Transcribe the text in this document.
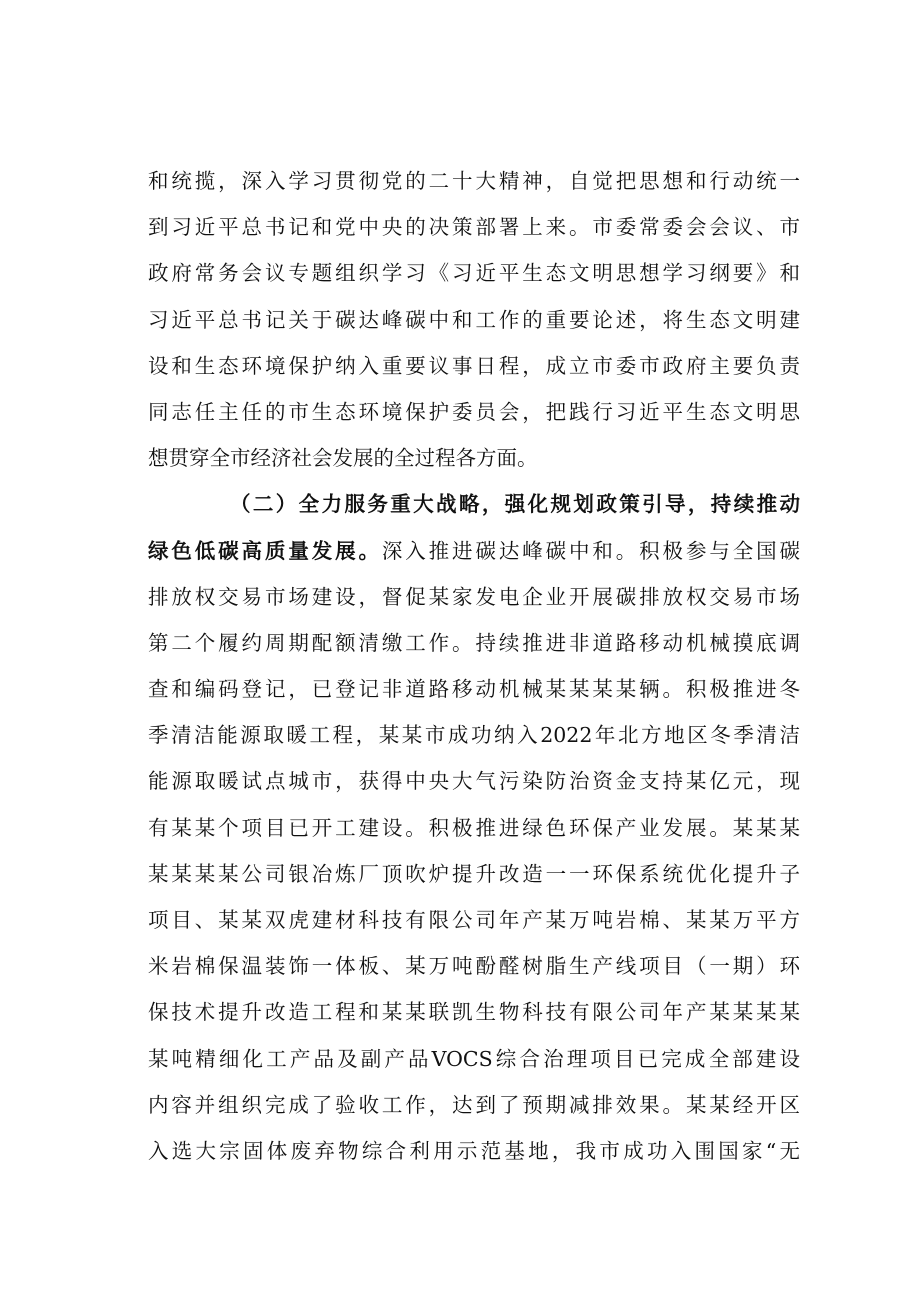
和统揽，深入学习贯彻党的二十大精神，自觉把思想和行动统一
到习近平总书记和党中央的决策部署上来。市委常委会会议、市
政府常务会议专题组织学习《习近平生态文明思想学习纲要》和
习近平总书记关于碳达峰碳中和工作的重要论述，将生态文明建
设和生态环境保护纳入重要议事日程，成立市委市政府主要负责
同志任主任的市生态环境保护委员会，把践行习近平生态文明思
想贯穿全市经济社会发展的全过程各方面。
（二）全力服务重大战略，强化规划政策引导，持续推动
绿色低碳高质量发展。深入推进碳达峰碳中和。积极参与全国碳
排放权交易市场建设，督促某家发电企业开展碳排放权交易市场
第二个履约周期配额清缴工作。持续推进非道路移动机械摸底调
查和编码登记，已登记非道路移动机械某某某某辆。积极推进冬
季清洁能源取暖工程，某某市成功纳入2022年北方地区冬季清洁
能源取暖试点城市，获得中央大气污染防治资金支持某亿元，现
有某某个项目已开工建设。积极推进绿色环保产业发展。某某某
某某某某公司银冶炼厂顶吹炉提升改造一一环保系统优化提升子
项目、某某双虎建材科技有限公司年产某万吨岩棉、某某万平方
米岩棉保温装饰一体板、某万吨酚醛树脂生产线项目（一期）环
保技术提升改造工程和某某联凯生物科技有限公司年产某某某某
某吨精细化工产品及副产品VOCS综合治理项目已完成全部建设
内容并组织完成了验收工作，达到了预期减排效果。某某经开区
入选大宗固体废弃物综合利用示范基地，我市成功入围国家“无
